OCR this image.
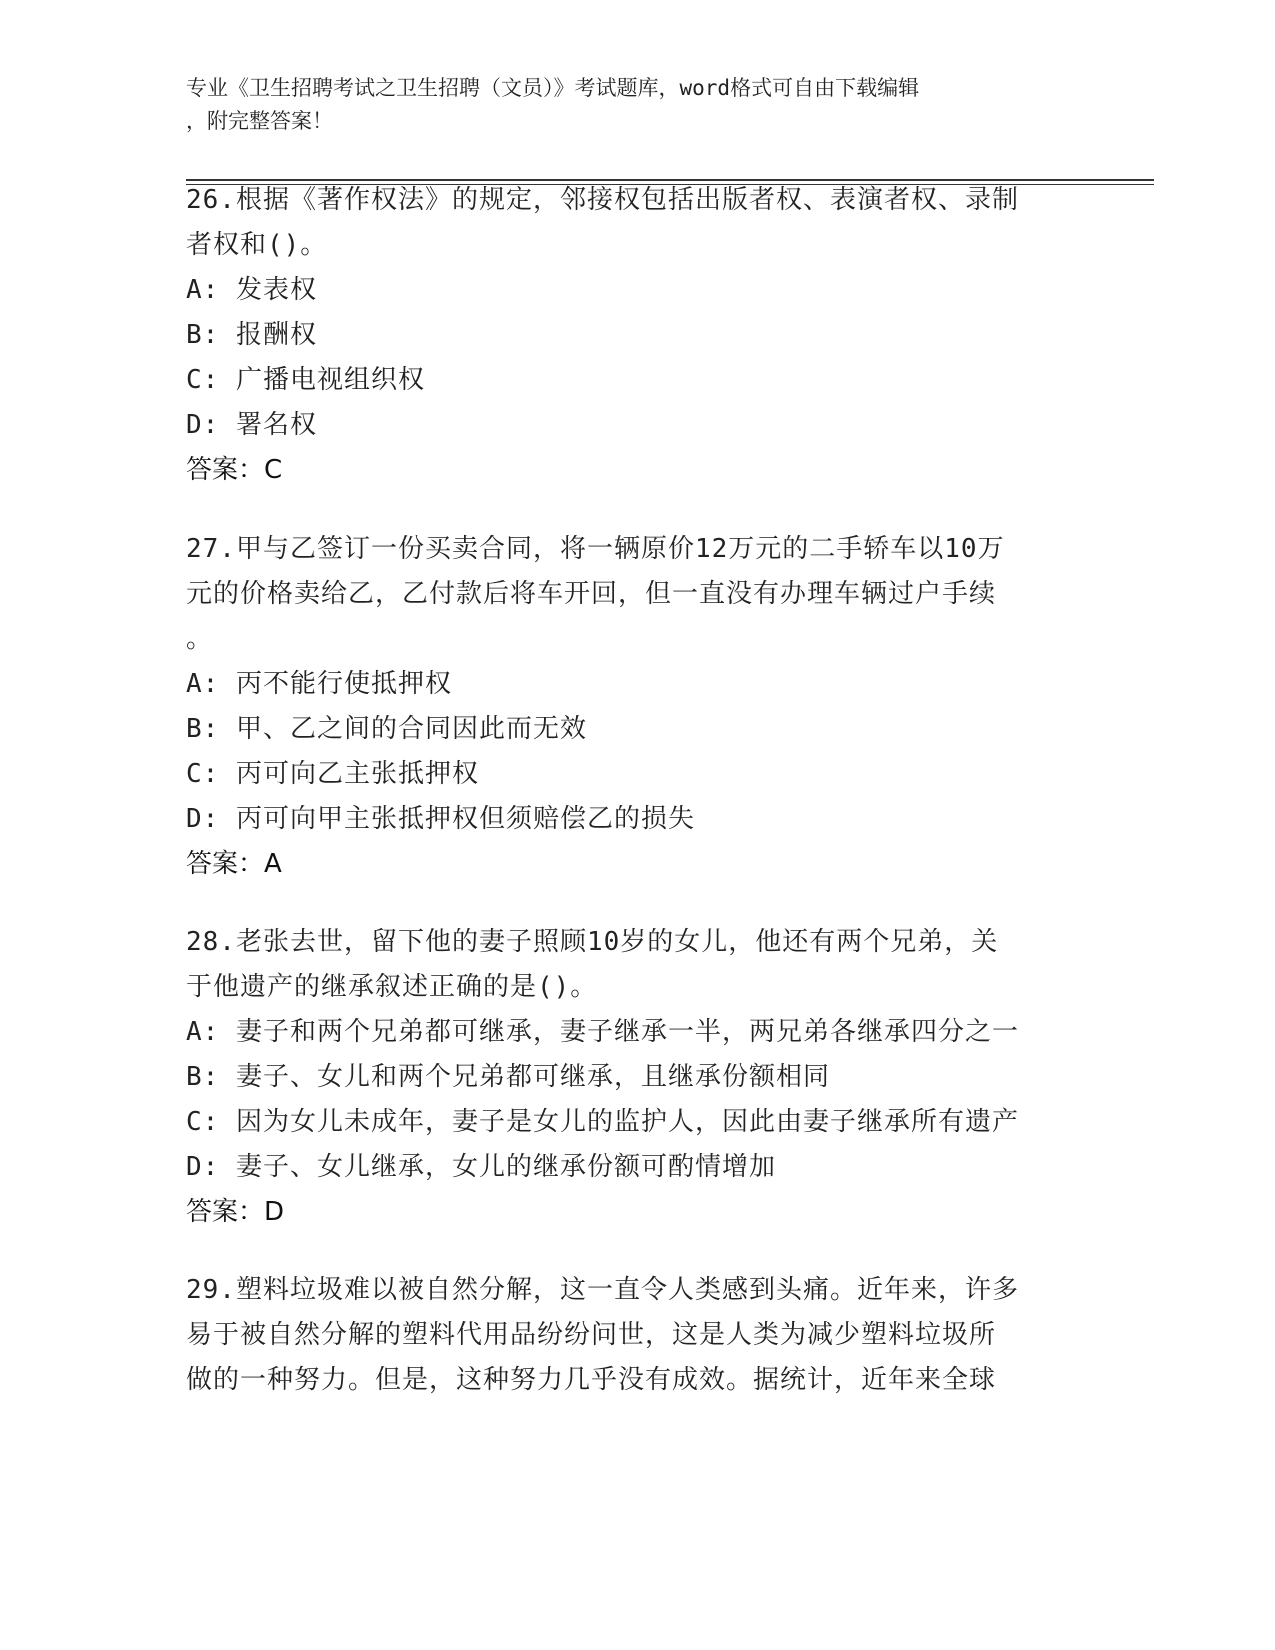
专业《卫生招聘考试之卫生招聘（文员）》考试题库，word格式可自由下载编辑
，附完整答案！
26.根据《著作权法》的规定，邻接权包括出版者权、表演者权、录制
者权和()。
A: 发表权
B: 报酬权
C: 广播电视组织权
D: 署名权
答案：C
27.甲与乙签订一份买卖合同，将一辆原价12万元的二手轿车以10万
元的价格卖给乙，乙付款后将车开回，但一直没有办理车辆过户手续
。
A: 丙不能行使抵押权
B: 甲、乙之间的合同因此而无效
C: 丙可向乙主张抵押权
D: 丙可向甲主张抵押权但须赔偿乙的损失
答案：A
28.老张去世，留下他的妻子照顾10岁的女儿，他还有两个兄弟，关
于他遗产的继承叙述正确的是()。
A: 妻子和两个兄弟都可继承，妻子继承一半，两兄弟各继承四分之一
B: 妻子、女儿和两个兄弟都可继承，且继承份额相同
C: 因为女儿未成年，妻子是女儿的监护人，因此由妻子继承所有遗产
D: 妻子、女儿继承，女儿的继承份额可酌情增加
答案：D
29.塑料垃圾难以被自然分解，这一直令人类感到头痛。近年来，许多
易于被自然分解的塑料代用品纷纷问世，这是人类为减少塑料垃圾所
做的一种努力。但是，这种努力几乎没有成效。据统计，近年来全球
